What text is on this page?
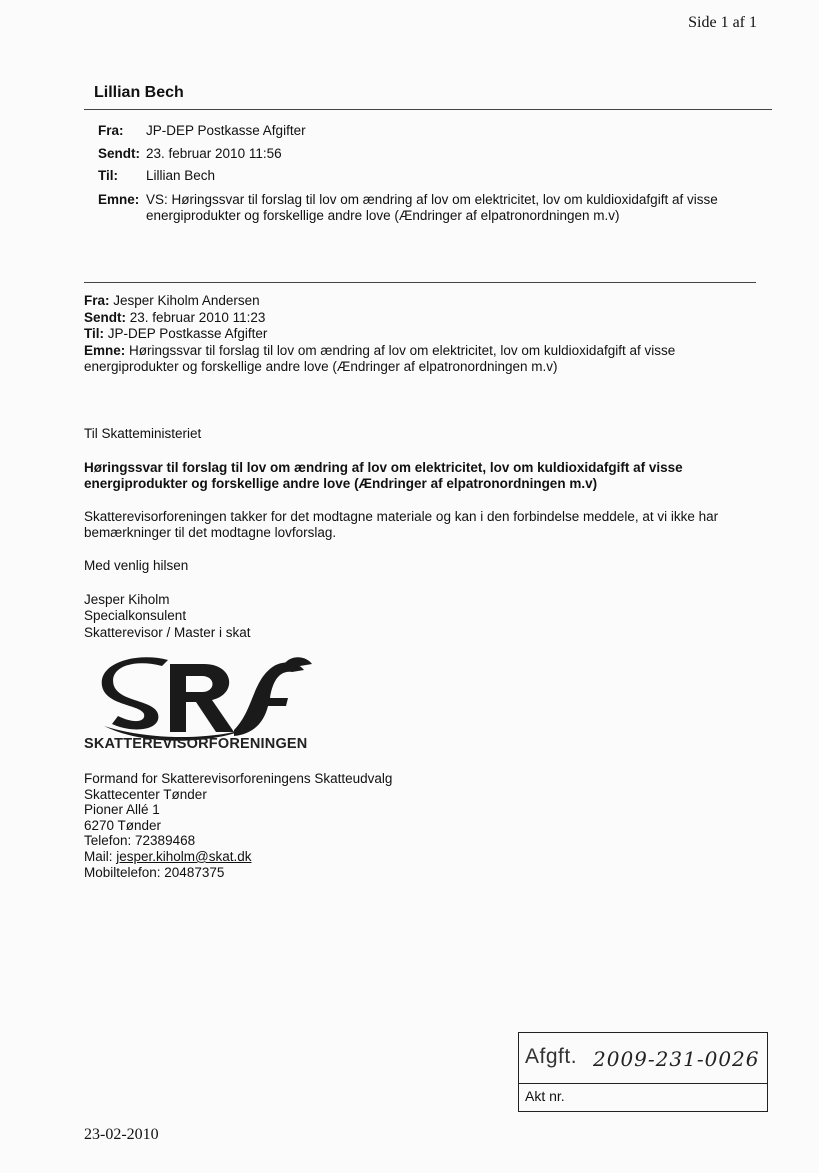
Side 1 af 1
Lillian Bech
Fra: JP-DEP Postkasse Afgifter
Sendt: 23. februar 2010 11:56
Til: Lillian Bech
Emne: VS: Høringssvar til forslag til lov om ændring af lov om elektricitet, lov om kuldioxidafgift af visse energiprodukter og forskellige andre love (Ændringer af elpatronordningen m.v)
Fra: Jesper Kiholm Andersen
Sendt: 23. februar 2010 11:23
Til: JP-DEP Postkasse Afgifter
Emne: Høringssvar til forslag til lov om ændring af lov om elektricitet, lov om kuldioxidafgift af visse energiprodukter og forskellige andre love (Ændringer af elpatronordningen m.v)
Til Skatteministeriet
Høringssvar til forslag til lov om ændring af lov om elektricitet, lov om kuldioxidafgift af visse energiprodukter og forskellige andre love (Ændringer af elpatronordningen m.v)
Skatterevisorforeningen takker for det modtagne materiale og kan i den forbindelse meddele, at vi ikke har bemærkninger til det modtagne lovforslag.
Med venlig hilsen
Jesper Kiholm
Specialkonsulent
Skatterevisor / Master i skat
SKATTEREVISORFORENINGEN
Formand for Skatterevisorforeningens Skatteudvalg
Skattecenter Tønder
Pioner Allé 1
6270 Tønder
Telefon: 72389468
Mail: jesper.kiholm@skat.dk
Mobiltelefon: 20487375
Afgft. 2009-231-0026
Akt nr.
23-02-2010
